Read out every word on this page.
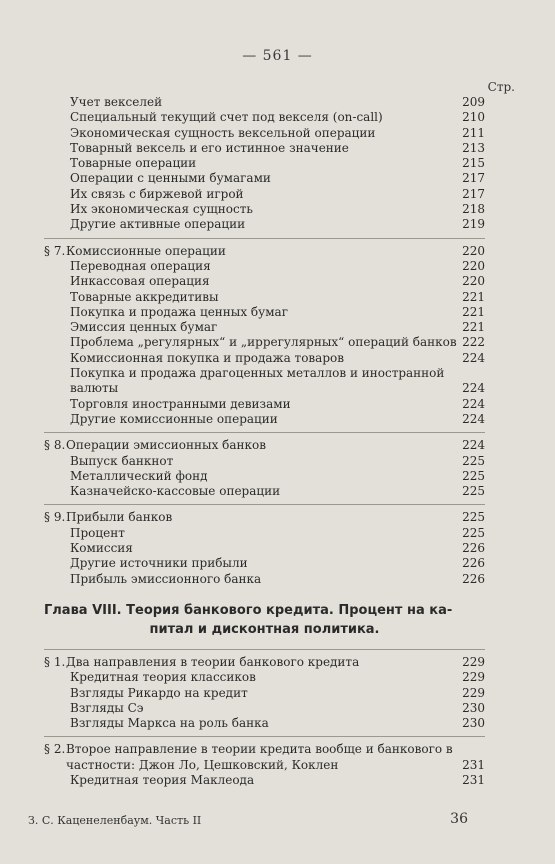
— 561 —
Стр.
Учет векселей	209
Специальный текущий счет под векселя (on-call)	210
Экономическая сущность вексельной операции	211
Товарный вексель и его истинное значение	213
Товарные операции	215
Операции с ценными бумагами	217
Их связь с биржевой игрой	217
Их экономическая сущность	218
Другие активные операции	219
§ 7. Комиссионные операции	220
Переводная операция	220
Инкассовая операция	220
Товарные аккредитивы	221
Покупка и продажа ценных бумаг	221
Эмиссия ценных бумаг	221
Проблема „регулярных“ и „иррегулярных“ операций банков 222
Комиссионная покупка и продажа товаров	224
Покупка и продажа драгоценных металлов и иностранной валюты	224
Торговля иностранными девизами	224
Другие комиссионные операции	224
§ 8. Операции эмиссионных банков	224
Выпуск банкнот	225
Металлический фонд	225
Казначейско-кассовые операции	225
§ 9. Прибыли банков	225
Процент	225
Комиссия	226
Другие источники прибыли	226
Прибыль эмиссионного банка	226
Глава VIII. Теория банкового кредита. Процент на ка-
питал и дисконтная политика.
§ 1. Два направления в теории банкового кредита	229
Кредитная теория классиков	229
Взгляды Рикардо на кредит	229
Взгляды Сэ	230
Взгляды Маркса на роль банка	230
§ 2. Второе направление в теории кредита вообще и банкового в частности: Джон Ло, Цешковский, Коклен	231
Кредитная теория Маклеода	231
З. С. Каценеленбаум. Часть II	36
